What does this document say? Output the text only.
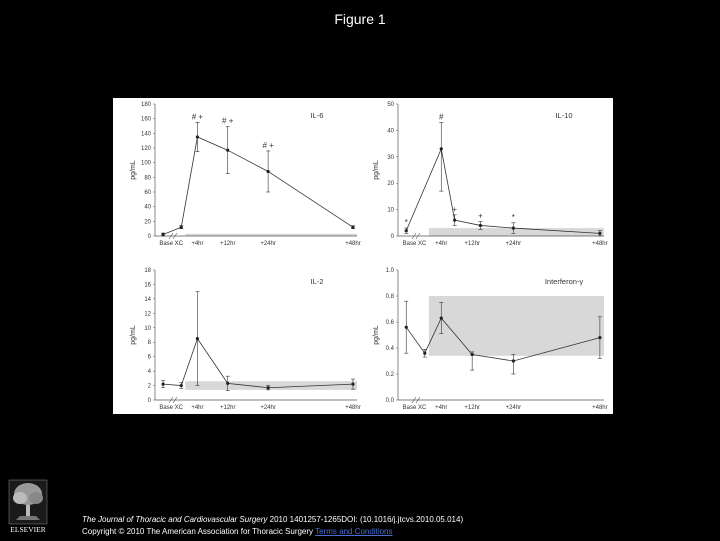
Figure 1
0
20
40
60
80
100
120
140
160
180
pg/mL
Base XC +4hr	+12hr	+24hr	+48hr
IL-6
# + # +
# +
0
10
20
30
40
50
pg/mL
Base XC +4hr	+12hr	+24hr	+48hr
IL-10
#
+
+	*
*
0
2
4
6
8
10
12
14
16
18
pg/mL
Base XC +4hr	+12hr	+24hr	+48hr
IL-2
0.0
0.2
0.4
0.6
0.8
1.0
pg/mL
Base XC +4hr	+12hr	+24hr	+48hr
Interferon-γ
ELSEVIER
The Journal of Thoracic and Cardiovascular Surgery 2010 1401257-1265DOI: (10.1016/j.jtcvs.2010.05.014)
Copyright © 2010 The American Association for Thoracic Surgery Terms and Conditions
